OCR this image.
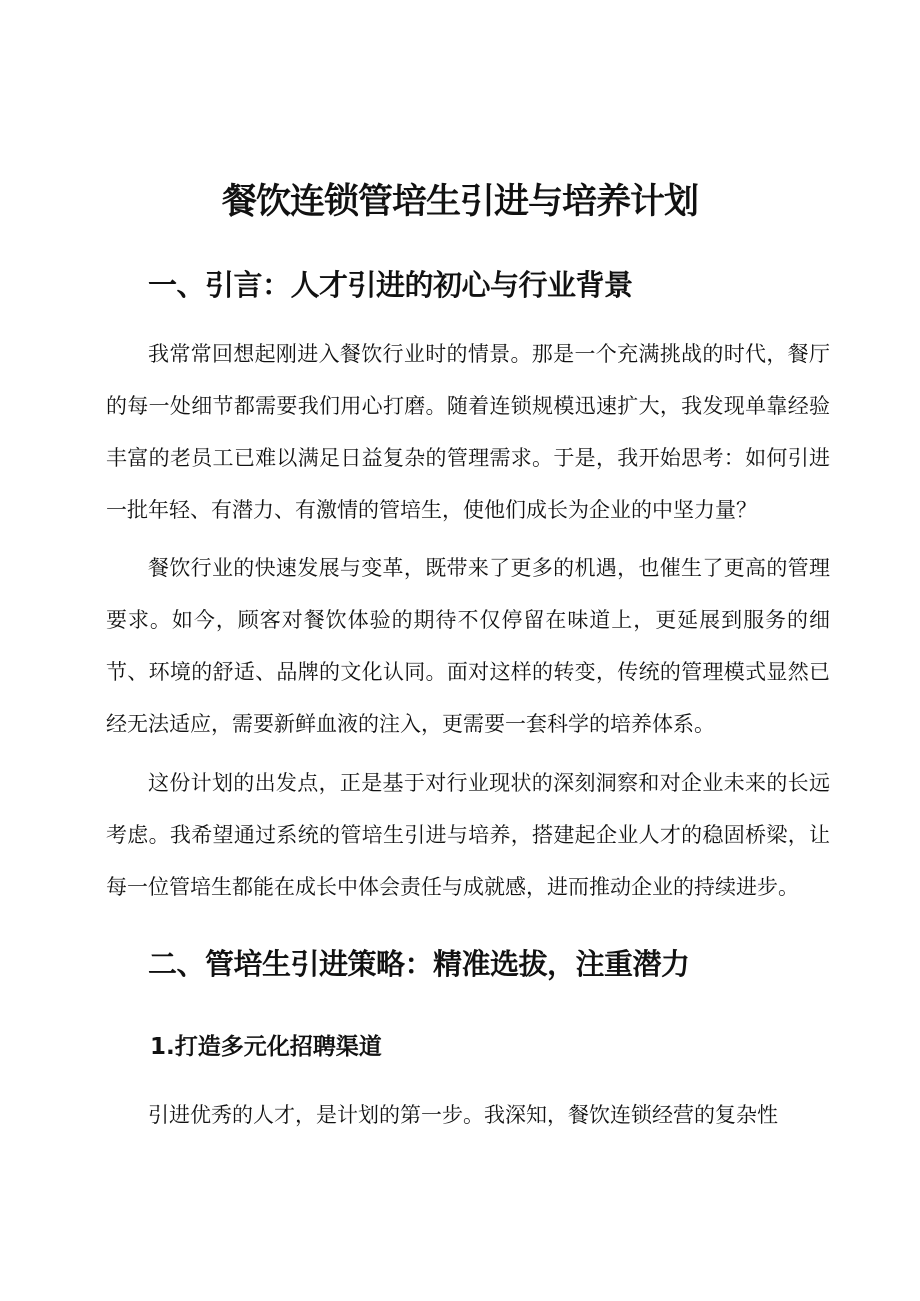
餐饮连锁管培生引进与培养计划
一、引言：人才引进的初心与行业背景

我常常回想起刚进入餐饮行业时的情景。那是一个充满挑战的时代，餐厅的每一处细节都需要我们用心打磨。随着连锁规模迅速扩大，我发现单靠经验丰富的老员工已难以满足日益复杂的管理需求。于是，我开始思考：如何引进一批年轻、有潜力、有激情的管培生，使他们成长为企业的中坚力量？

餐饮行业的快速发展与变革，既带来了更多的机遇，也催生了更高的管理要求。如今，顾客对餐饮体验的期待不仅停留在味道上，更延展到服务的细节、环境的舒适、品牌的文化认同。面对这样的转变，传统的管理模式显然已经无法适应，需要新鲜血液的注入，更需要一套科学的培养体系。

这份计划的出发点，正是基于对行业现状的深刻洞察和对企业未来的长远考虑。我希望通过系统的管培生引进与培养，搭建起企业人才的稳固桥梁，让每一位管培生都能在成长中体会责任与成就感，进而推动企业的持续进步。

二、管培生引进策略：精准选拔，注重潜力
1.打造多元化招聘渠道

引进优秀的人才，是计划的第一步。我深知，餐饮连锁经营的复杂性
